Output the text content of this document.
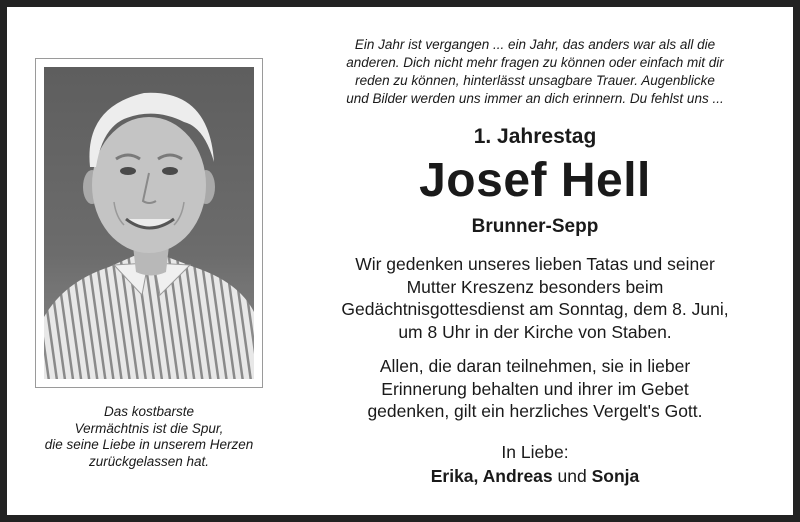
Das kostbarste
Vermächtnis ist die Spur,
die seine Liebe in unserem Herzen
zurückgelassen hat.
Ein Jahr ist vergangen ... ein Jahr, das anders war als all die
anderen. Dich nicht mehr fragen zu können oder einfach mit dir
reden zu können, hinterlässt unsagbare Trauer. Augenblicke
und Bilder werden uns immer an dich erinnern. Du fehlst uns ...
1. Jahrestag
Josef Hell
Brunner-Sepp
Wir gedenken unseres lieben Tatas und seiner
Mutter Kreszenz besonders beim
Gedächtnisgottesdienst am Sonntag, dem 8. Juni,
um 8 Uhr in der Kirche von Staben.
Allen, die daran teilnehmen, sie in lieber
Erinnerung behalten und ihrer im Gebet
gedenken, gilt ein herzliches Vergelt's Gott.
In Liebe:
Erika, Andreas und Sonja
